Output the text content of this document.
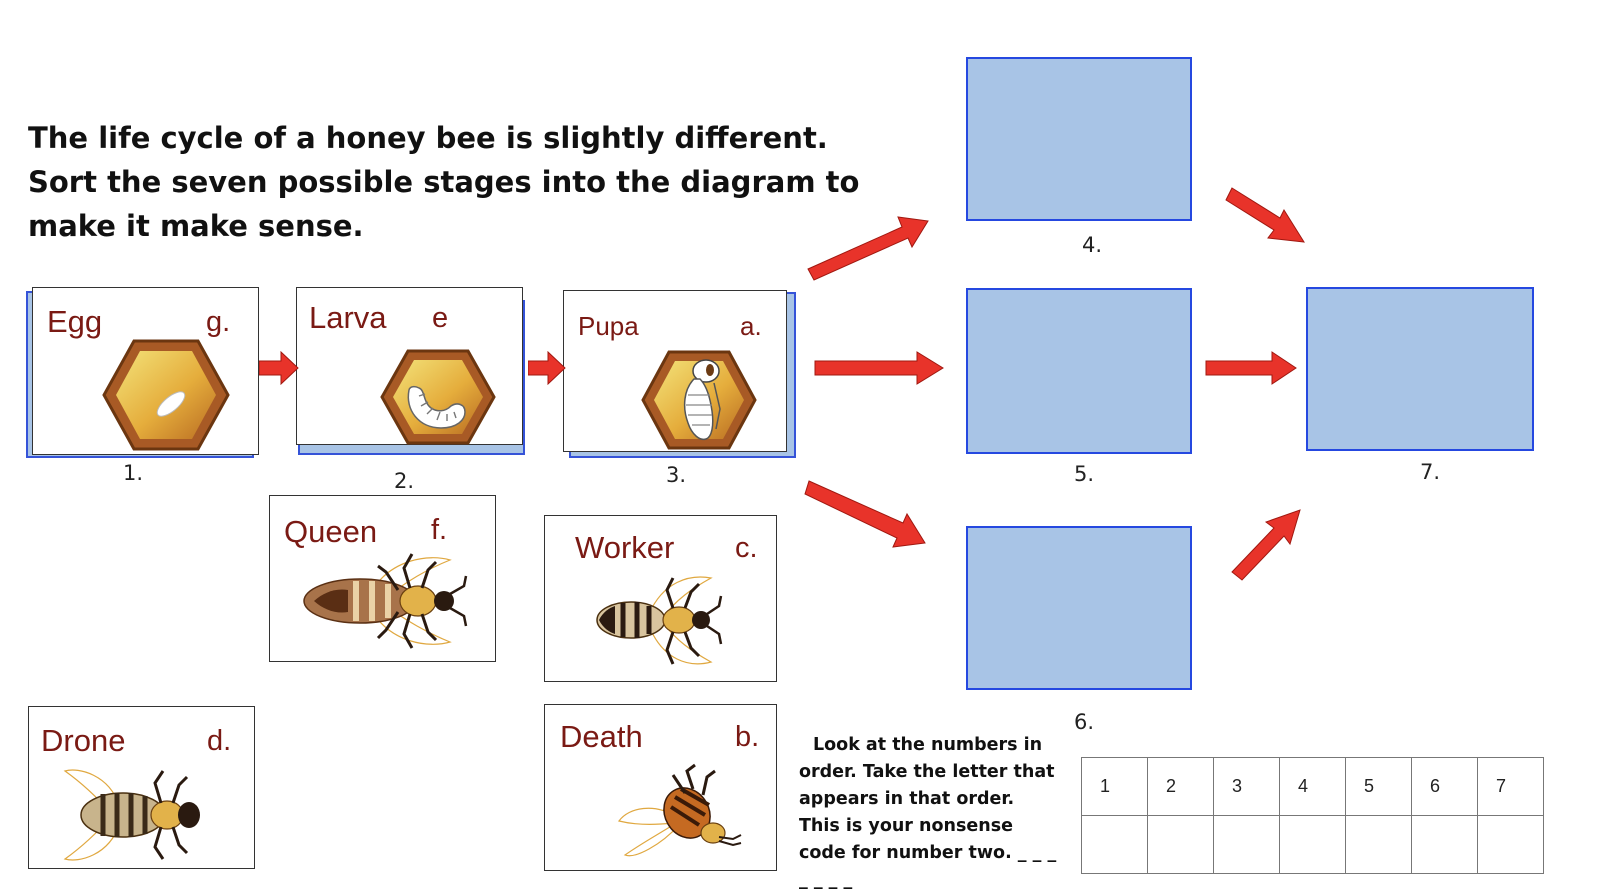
The life cycle of a honey bee is slightly different. Sort the seven possible stages into the diagram to make it make sense.
Egg	g.	Larva e	Pupa	a.
Queen f.	Worker c.
Drone	d.	Death	b.
1.	2.	3.
4.
5.
6.
7.
Look at the numbers in order. Take the letter that appears in that order. This is your nonsense code for number two. _ _ _ _ _ _ _
1	2	3	4	5	6	7
